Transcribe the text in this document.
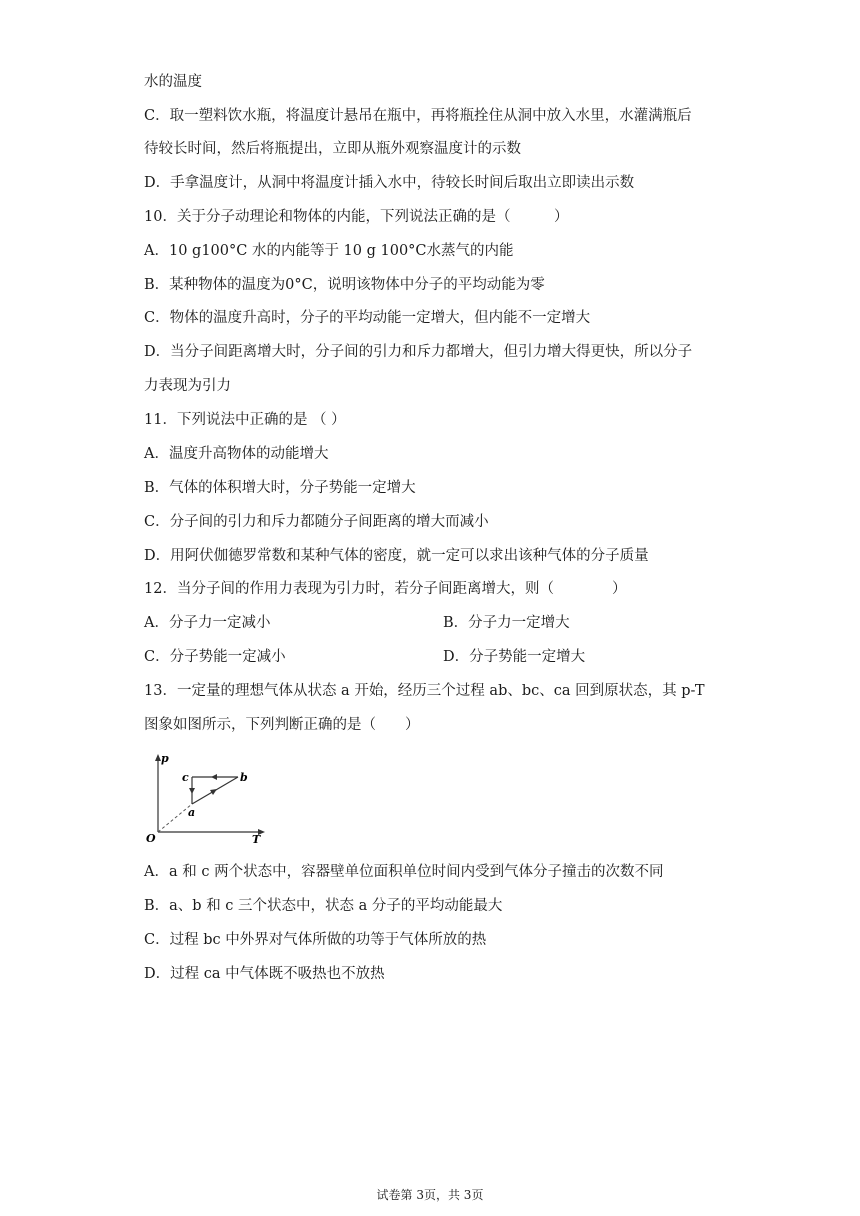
水的温度
C．取一塑料饮水瓶，将温度计悬吊在瓶中，再将瓶拴住从洞中放入水里，水灌满瓶后
待较长时间，然后将瓶提出，立即从瓶外观察温度计的示数
D．手拿温度计，从洞中将温度计插入水中，待较长时间后取出立即读出示数
10．关于分子动理论和物体的内能，下列说法正确的是（　　　）
A．10 g100°C 水的内能等于 10 g 100°C水蒸气的内能
B．某种物体的温度为0°C，说明该物体中分子的平均动能为零
C．物体的温度升高时，分子的平均动能一定增大，但内能不一定增大
D．当分子间距离增大时，分子间的引力和斥力都增大，但引力增大得更快，所以分子
力表现为引力
11．下列说法中正确的是 （ ）
A．温度升高物体的动能增大
B．气体的体积增大时，分子势能一定增大
C．分子间的引力和斥力都随分子间距离的增大而减小
D．用阿伏伽德罗常数和某种气体的密度，就一定可以求出该种气体的分子质量
12．当分子间的作用力表现为引力时，若分子间距离增大，则（　　　　）
A．分子力一定减小	B．分子力一定增大
C．分子势能一定减小	D．分子势能一定增大
13．一定量的理想气体从状态 a 开始，经历三个过程 ab、bc、ca 回到原状态，其 p-T
图象如图所示，下列判断正确的是（　　）
p
T
O
a
b
c
A．a 和 c 两个状态中，容器壁单位面积单位时间内受到气体分子撞击的次数不同
B．a、b 和 c 三个状态中，状态 a 分子的平均动能最大
C．过程 bc 中外界对气体所做的功等于气体所放的热
D．过程 ca 中气体既不吸热也不放热
试卷第 3页，共 3页
